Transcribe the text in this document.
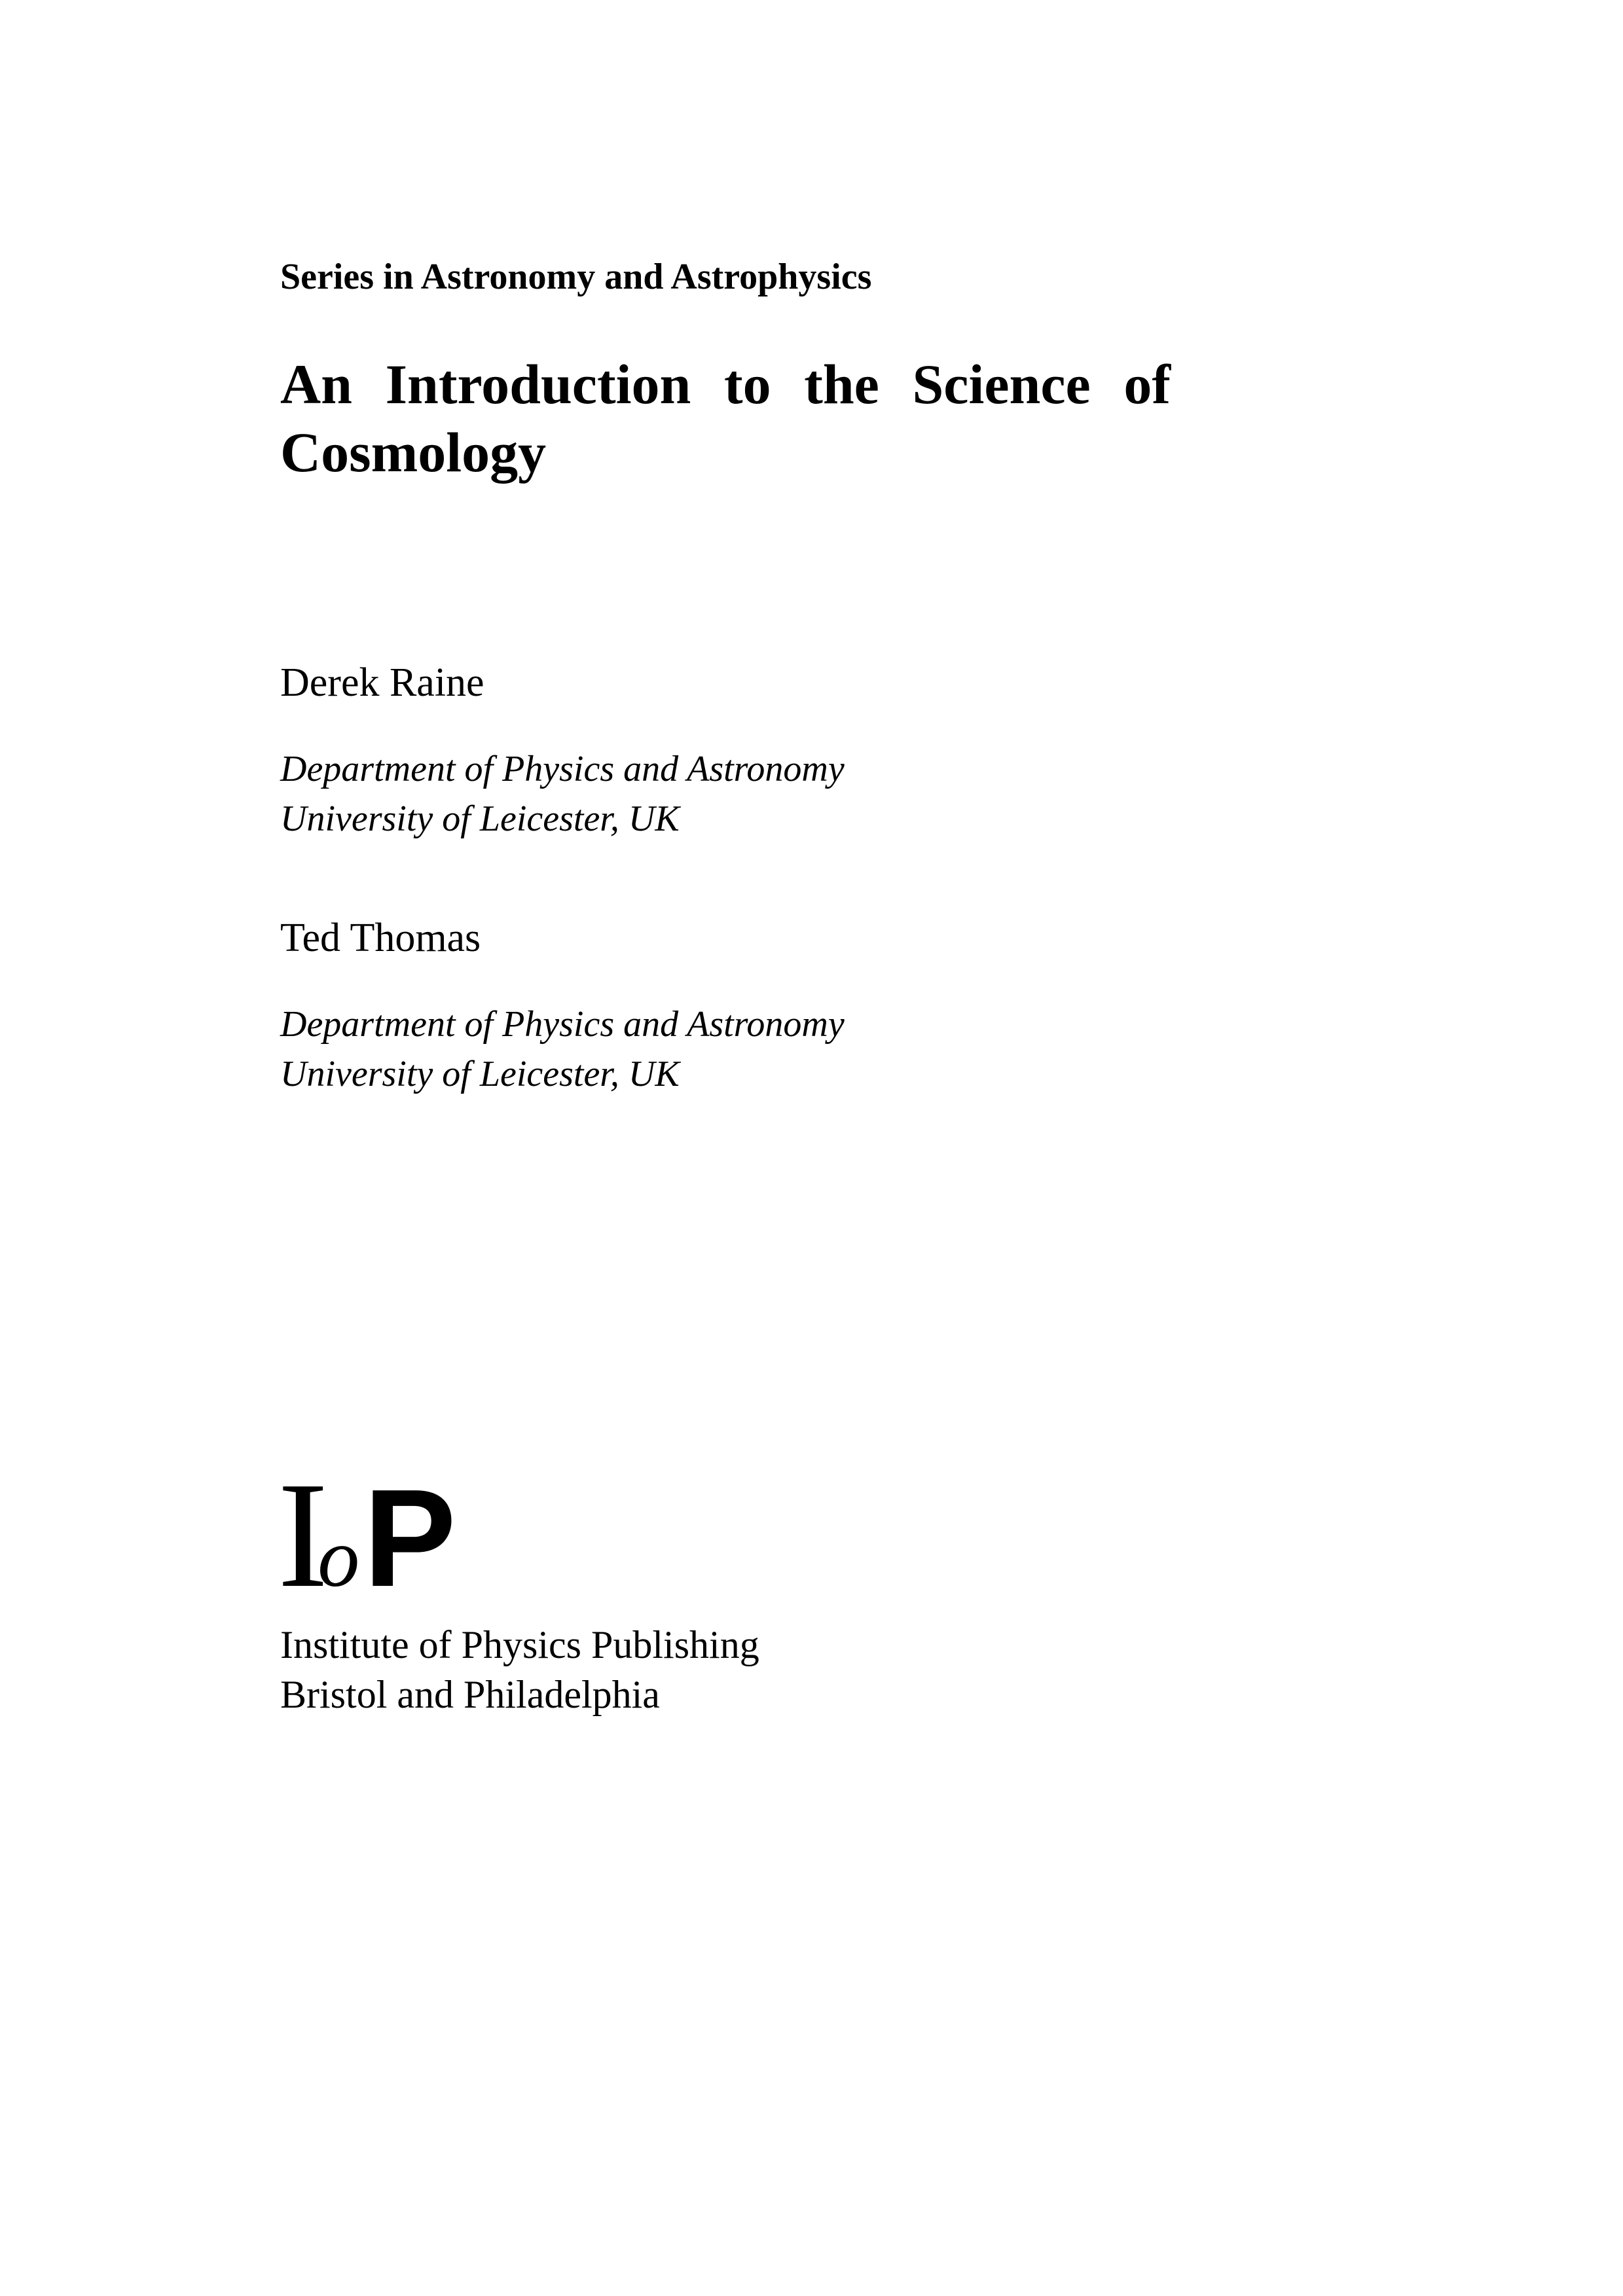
Series in Astronomy and Astrophysics
An Introduction to the Science of Cosmology
Derek Raine
Department of Physics and Astronomy
University of Leicester, UK
Ted Thomas
Department of Physics and Astronomy
University of Leicester, UK
IoP
Institute of Physics Publishing
Bristol and Philadelphia
